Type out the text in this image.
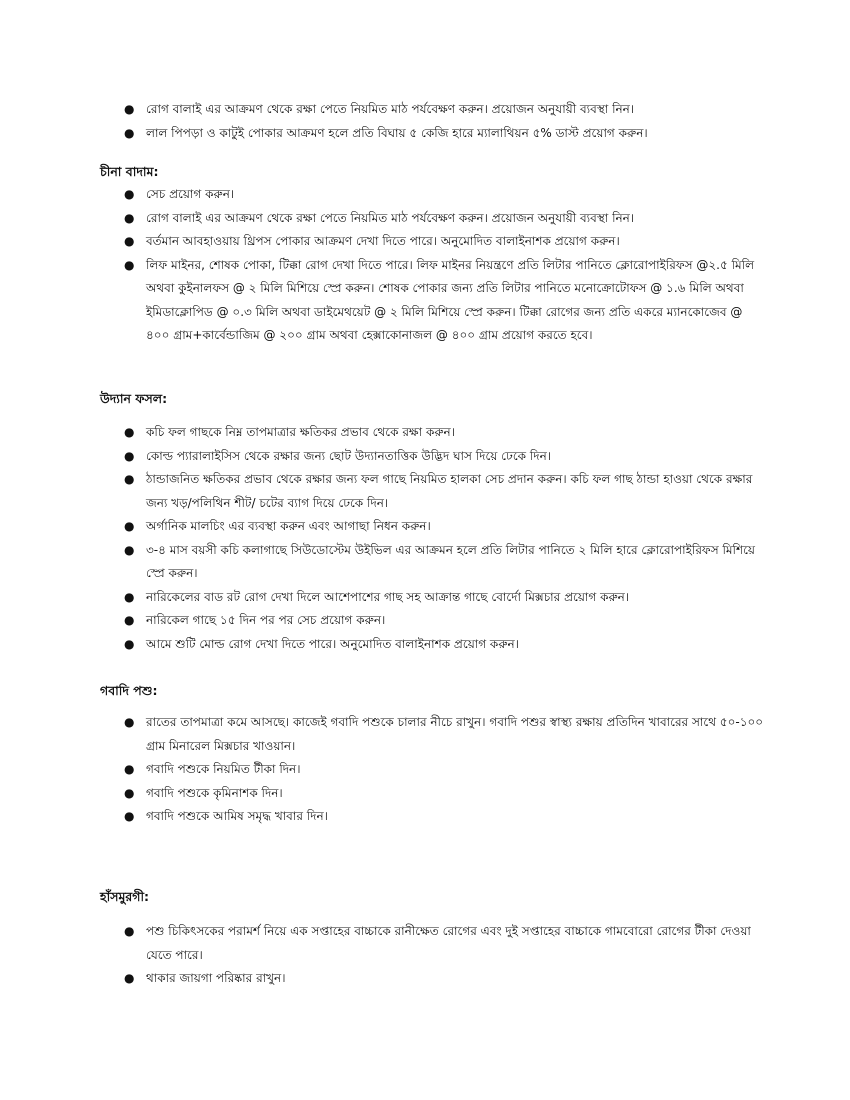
● রোগ বালাই এর আক্রমণ থেকে রক্ষা পেতে নিয়মিত মাঠ পর্যবেক্ষণ করুন। প্রয়োজন অনুযায়ী ব্যবস্থা নিন।
● লাল পিপড়া ও কাটুই পোকার আক্রমণ হলে প্রতি বিঘায় ৫ কেজি হারে ম্যালাথিয়ন ৫% ডাস্ট প্রয়োগ করুন।
চীনা বাদাম:
● সেচ প্রয়োগ করুন।
● রোগ বালাই এর আক্রমণ থেকে রক্ষা পেতে নিয়মিত মাঠ পর্যবেক্ষণ করুন। প্রয়োজন অনুযায়ী ব্যবস্থা নিন।
● বর্তমান আবহাওয়ায় থ্রিপস পোকার আক্রমণ দেখা দিতে পারে। অনুমোদিত বালাইনাশক প্রয়োগ করুন।
● লিফ মাইনর, শোষক পোকা, টিক্কা রোগ দেখা দিতে পারে। লিফ মাইনর নিয়ন্ত্রণে প্রতি লিটার পানিতে ক্লোরোপাইরিফস @২.৫ মিলি অথবা কুইনালফস @ ২ মিলি মিশিয়ে স্প্রে করুন। শোষক পোকার জন্য প্রতি লিটার পানিতে মনোক্রোটোফস @ ১.৬ মিলি অথবা ইমিডাক্লোপিড @ ০.৩ মিলি অথবা ডাইমেথয়েট @ ২ মিলি মিশিয়ে স্প্রে করুন। টিক্কা রোগের জন্য প্রতি একরে ম্যানকোজেব @ ৪০০ গ্রাম+কার্বেন্ডাজিম @ ২০০ গ্রাম অথবা হেক্সাকোনাজল @ ৪০০ গ্রাম প্রয়োগ করতে হবে।
উদ্যান ফসল:
● কচি ফল গাছকে নিম্ন তাপমাত্রার ক্ষতিকর প্রভাব থেকে রক্ষা করুন।
● কোল্ড প্যারালাইসিস থেকে রক্ষার জন্য ছোট উদ্যানতাত্তিক উদ্ভিদ ঘাস দিয়ে ঢেকে দিন।
● ঠান্ডাজনিত ক্ষতিকর প্রভাব থেকে রক্ষার জন্য ফল গাছে নিয়মিত হালকা সেচ প্রদান করুন। কচি ফল গাছ ঠান্ডা হাওয়া থেকে রক্ষার জন্য খড়/পলিথিন শীট/ চটের ব্যাগ দিয়ে ঢেকে দিন।
● অর্গানিক মালচিং এর ব্যবস্থা করুন এবং আগাছা নিধন করুন।
● ৩-৪ মাস বয়সী কচি কলাগাছে সিউডোস্টেম উইভিল এর আক্রমন হলে প্রতি লিটার পানিতে ২ মিলি হারে ক্লোরোপাইরিফস মিশিয়ে স্প্রে করুন।
● নারিকেলের বাড রট রোগ দেখা দিলে আশেপাশের গাছ সহ আক্রান্ত গাছে বোর্দো মিক্সচার প্রয়োগ করুন।
● নারিকেল গাছে ১৫ দিন পর পর সেচ প্রয়োগ করুন।
● আমে শুটি মোল্ড রোগ দেখা দিতে পারে। অনুমোদিত বালাইনাশক প্রয়োগ করুন।
গবাদি পশু:
● রাতের তাপমাত্রা কমে আসছে। কাজেই গবাদি পশুকে চালার নীচে রাখুন। গবাদি পশুর স্বাস্থ্য রক্ষায় প্রতিদিন খাবারের সাথে ৫০-১০০ গ্রাম মিনারেল মিক্সচার খাওয়ান।
● গবাদি পশুকে নিয়মিত টীকা দিন।
● গবাদি পশুকে কৃমিনাশক দিন।
● গবাদি পশুকে আমিষ সমৃদ্ধ খাবার দিন।
হাঁসমুরগী:
● পশু চিকিৎসকের পরামর্শ নিয়ে এক সপ্তাহের বাচ্চাকে রানীক্ষেত রোগের এবং দুই সপ্তাহের বাচ্চাকে গামবোরো রোগের টীকা দেওয়া যেতে পারে।
● থাকার জায়গা পরিষ্কার রাখুন।
